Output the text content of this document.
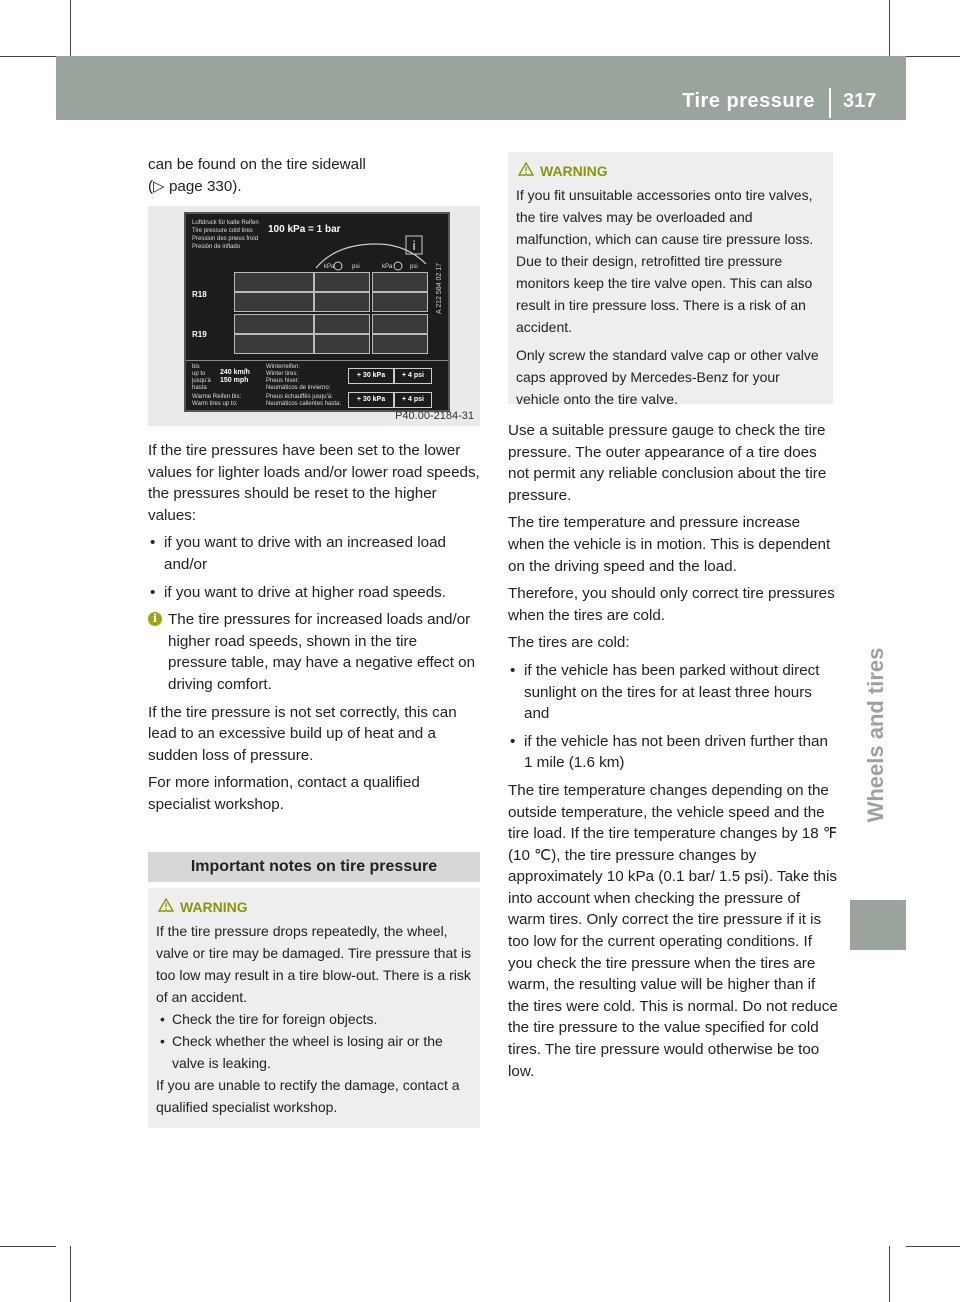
Tire pressure 317
Wheels and tires
can be found on the tire sidewall
(▷ page 330).
Luftdruck für kalte Reifen
Tire pressure cold tires
Pression des pneus froid
Presión de inflado
100 kPa = 1 bar
i
kPa	psi	kPa	psi
R18
R19
A 212 584 02 17
bis
up to
jusqu'à
hasta
240 km/h
150 mph
Warme Reifen bis:
Warm tires up to:
Winterreifen:
Winter tires:
Pneus hiver:
Neumáticos de invierno:
Pneus échauffés jusqu'à:
Neumáticos calientes hasta:
+ 30 kPa	+ 4 psi
+ 30 kPa	+ 4 psi
P40.00-2184-31

If the tire pressures have been set to the lower values for lighter loads and/or lower road speeds, the pressures should be reset to the higher values:

• if you want to drive with an increased load and/or
• if you want to drive at higher road speeds.
i The tire pressures for increased loads and/or higher road speeds, shown in the tire pressure table, may have a negative effect on driving comfort.

If the tire pressure is not set correctly, this can lead to an excessive build up of heat and a sudden loss of pressure.

For more information, contact a qualified specialist workshop.

Important notes on tire pressure
WARNING

If the tire pressure drops repeatedly, the wheel, valve or tire may be damaged. Tire pressure that is too low may result in a tire blow-out. There is a risk of an accident.

• Check the tire for foreign objects.
• Check whether the wheel is losing air or the valve is leaking.

If you are unable to rectify the damage, contact a qualified specialist workshop.

WARNING

If you fit unsuitable accessories onto tire valves, the tire valves may be overloaded and malfunction, which can cause tire pressure loss. Due to their design, retrofitted tire pressure monitors keep the tire valve open. This can also result in tire pressure loss. There is a risk of an accident.

Only screw the standard valve cap or other valve caps approved by Mercedes-Benz for your vehicle onto the tire valve.

Use a suitable pressure gauge to check the tire pressure. The outer appearance of a tire does not permit any reliable conclusion about the tire pressure.

The tire temperature and pressure increase when the vehicle is in motion. This is dependent on the driving speed and the load.

Therefore, you should only correct tire pressures when the tires are cold.

The tires are cold:

• if the vehicle has been parked without direct sunlight on the tires for at least three hours and
• if the vehicle has not been driven further than 1 mile (1.6 km)

The tire temperature changes depending on the outside temperature, the vehicle speed and the tire load. If the tire temperature changes by 18 ℉ (10 ℃), the tire pressure changes by approximately 10 kPa (0.1 bar/ 1.5 psi). Take this into account when checking the pressure of warm tires. Only correct the tire pressure if it is too low for the current operating conditions. If you check the tire pressure when the tires are warm, the resulting value will be higher than if the tires were cold. This is normal. Do not reduce the tire pressure to the value specified for cold tires. The tire pressure would otherwise be too low.
